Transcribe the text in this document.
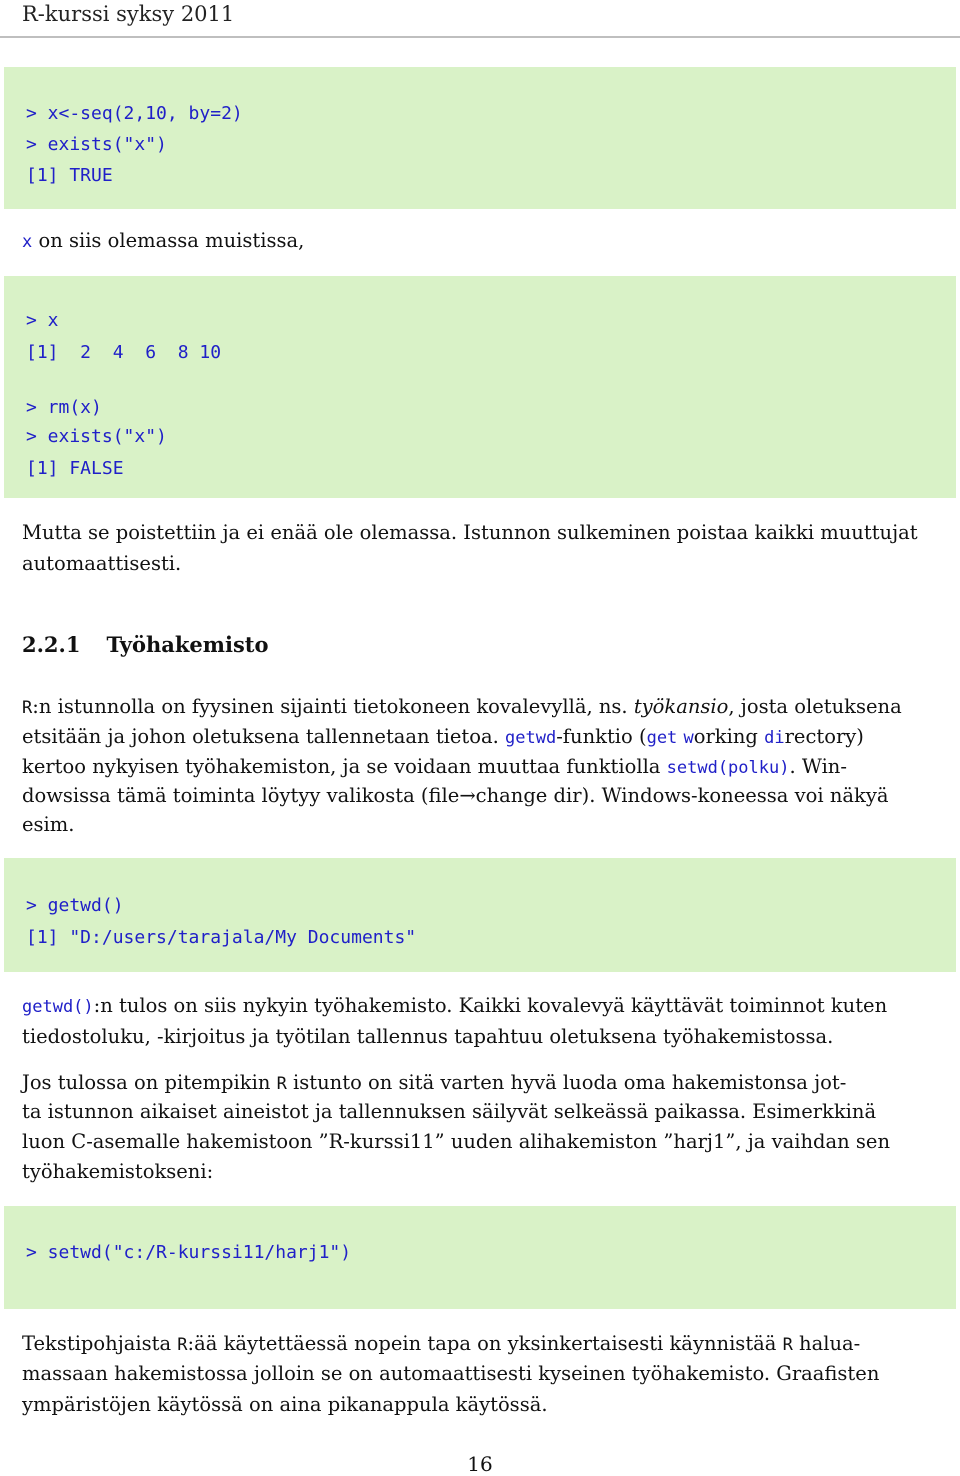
R-kurssi syksy 2011
> x<-seq(2,10, by=2)
> exists("x")
[1] TRUE
x on siis olemassa muistissa,
> x
[1]  2  4  6  8 10
> rm(x)
> exists("x")
[1] FALSE
Mutta se poistettiin ja ei enää ole olemassa. Istunnon sulkeminen poistaa kaikki muuttujat
automaattisesti.
2.2.1 Työhakemisto
R:n istunnolla on fyysinen sijainti tietokoneen kovalevyllä, ns. työkansio, josta oletuksena
etsitään ja johon oletuksena tallennetaan tietoa. getwd-funktio (get working directory)
kertoo nykyisen työhakemiston, ja se voidaan muuttaa funktiolla setwd(polku). Win-
dowsissa tämä toiminta löytyy valikosta (file→change dir). Windows-koneessa voi näkyä
esim.
> getwd()
[1] "D:/users/tarajala/My Documents"
getwd():n tulos on siis nykyin työhakemisto. Kaikki kovalevyä käyttävät toiminnot kuten
tiedostoluku, -kirjoitus ja työtilan tallennus tapahtuu oletuksena työhakemistossa.
Jos tulossa on pitempikin R istunto on sitä varten hyvä luoda oma hakemistonsa jot-
ta istunnon aikaiset aineistot ja tallennuksen säilyvät selkeässä paikassa. Esimerkkinä
luon C-asemalle hakemistoon ”R-kurssi11” uuden alihakemiston ”harj1”, ja vaihdan sen
työhakemistokseni:
> setwd("c:/R-kurssi11/harj1")
Tekstipohjaista R:ää käytettäessä nopein tapa on yksinkertaisesti käynnistää R halua-
massaan hakemistossa jolloin se on automaattisesti kyseinen työhakemisto. Graafisten
ympäristöjen käytössä on aina pikanappula käytössä.
16
